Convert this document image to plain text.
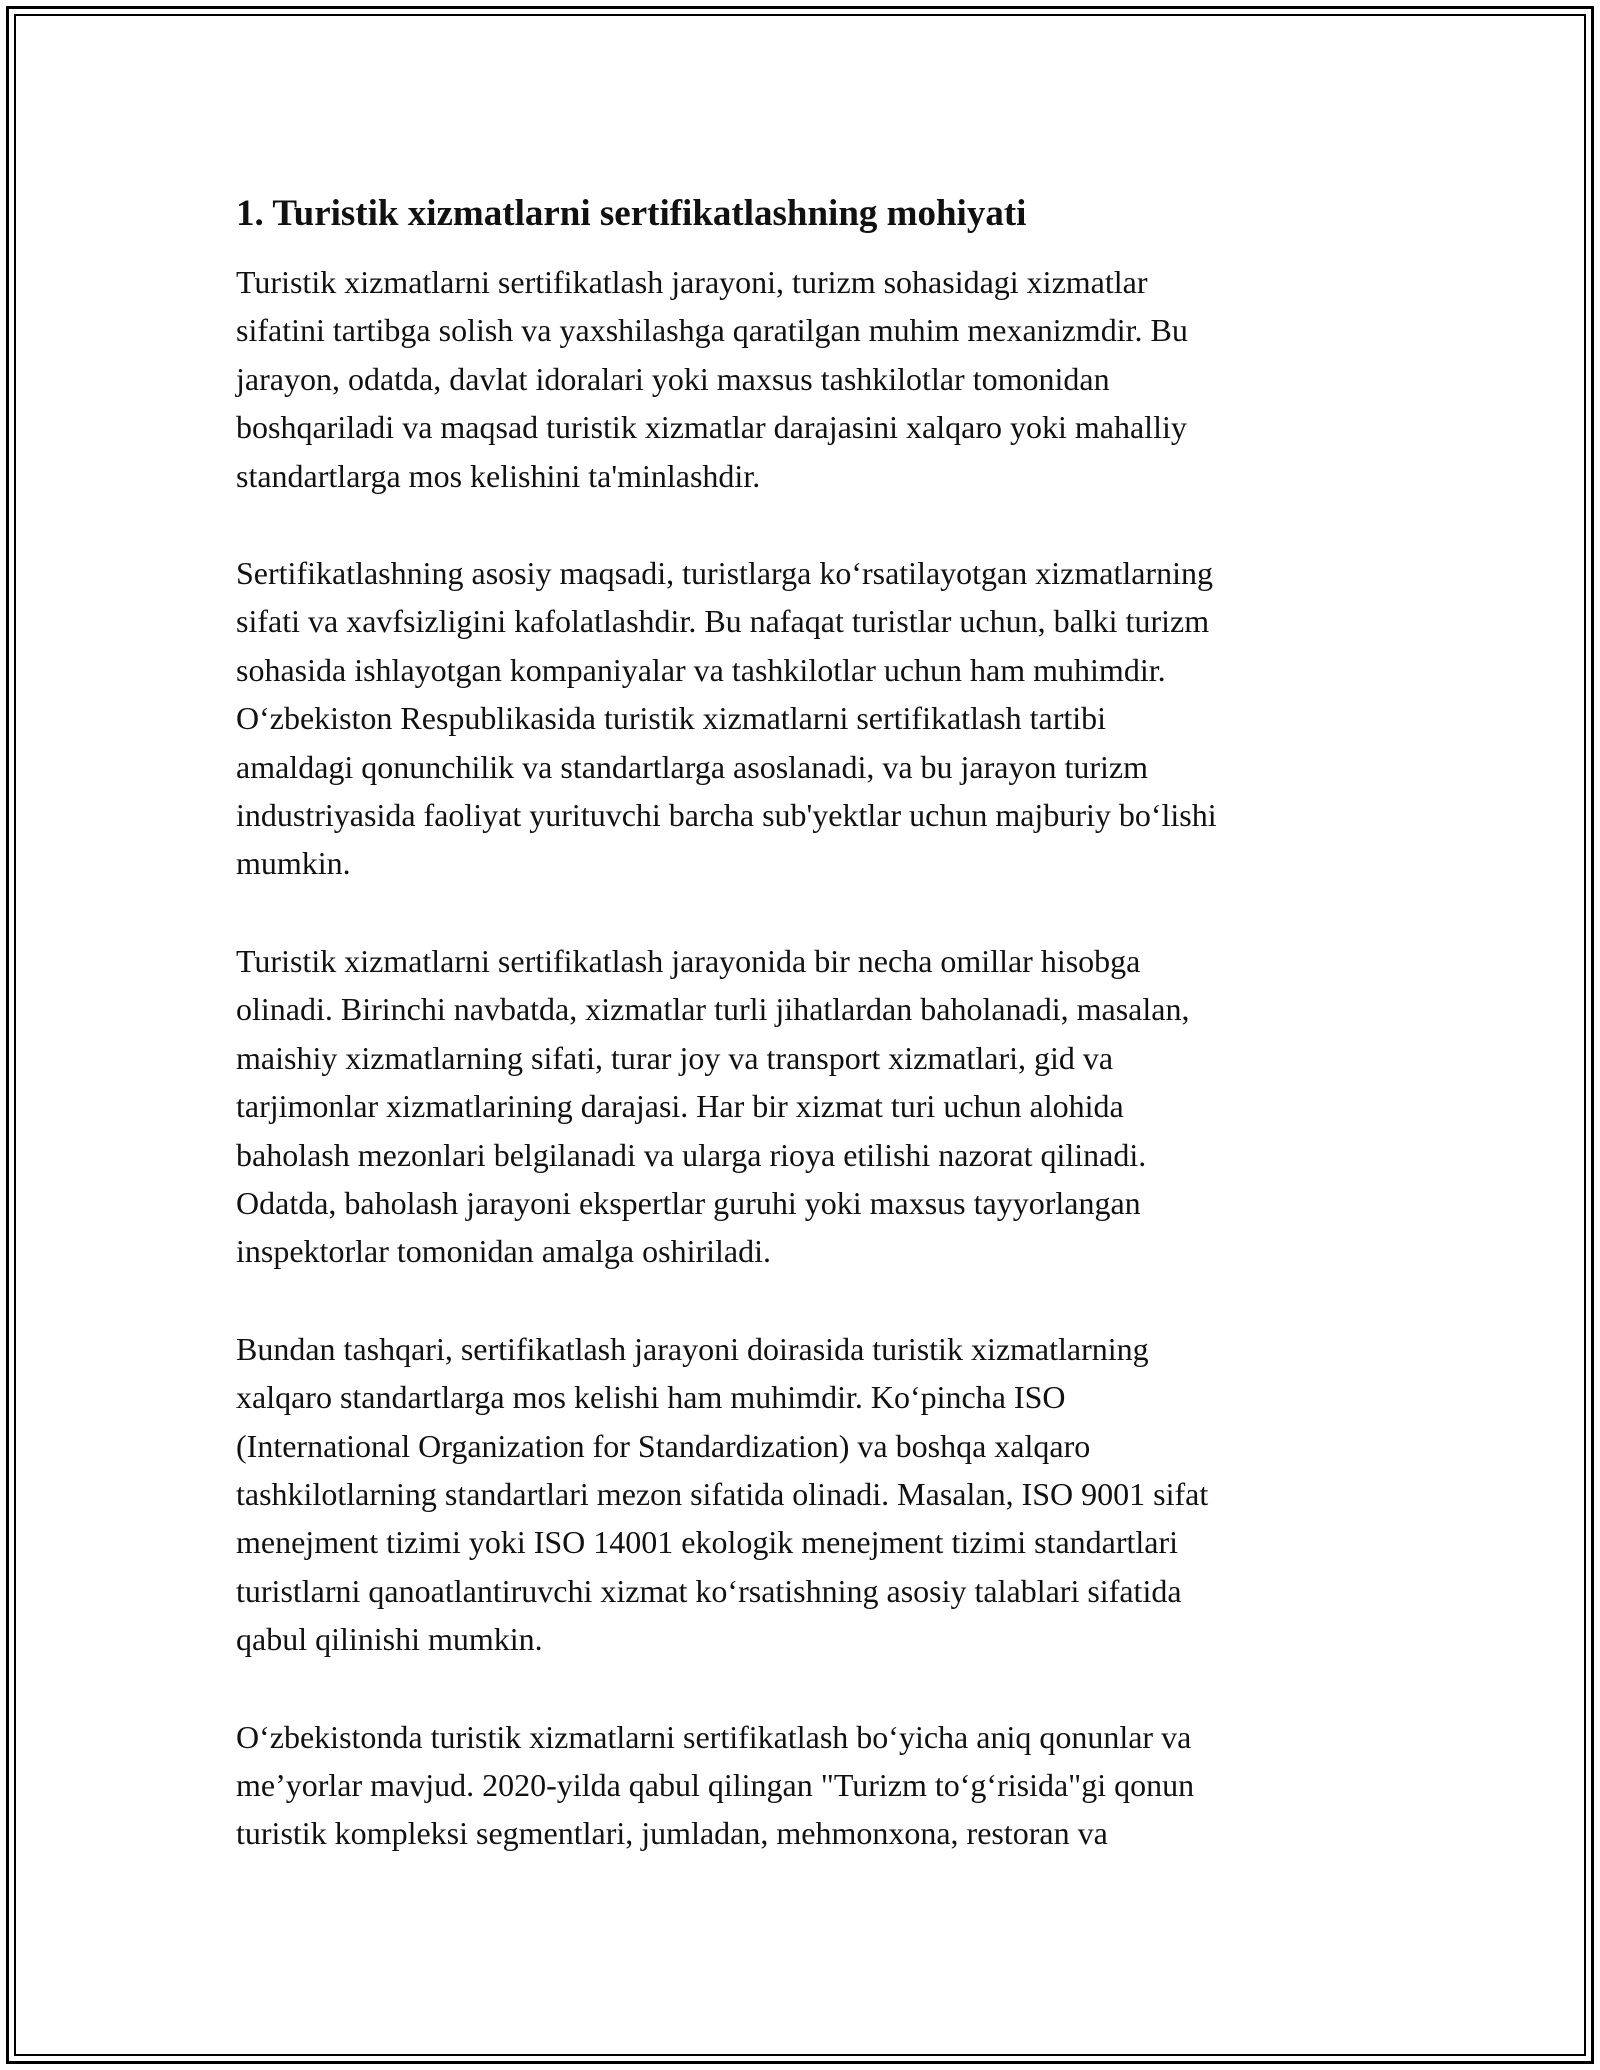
1. Turistik xizmatlarni sertifikatlashning mohiyati

Turistik xizmatlarni sertifikatlash jarayoni, turizm sohasidagi xizmatlar
sifatini tartibga solish va yaxshilashga qaratilgan muhim mexanizmdir. Bu
jarayon, odatda, davlat idoralari yoki maxsus tashkilotlar tomonidan
boshqariladi va maqsad turistik xizmatlar darajasini xalqaro yoki mahalliy
standartlarga mos kelishini ta'minlashdir.

Sertifikatlashning asosiy maqsadi, turistlarga koʻrsatilayotgan xizmatlarning
sifati va xavfsizligini kafolatlashdir. Bu nafaqat turistlar uchun, balki turizm
sohasida ishlayotgan kompaniyalar va tashkilotlar uchun ham muhimdir.
Oʻzbekiston Respublikasida turistik xizmatlarni sertifikatlash tartibi
amaldagi qonunchilik va standartlarga asoslanadi, va bu jarayon turizm
industriyasida faoliyat yurituvchi barcha sub'yektlar uchun majburiy boʻlishi
mumkin.

Turistik xizmatlarni sertifikatlash jarayonida bir necha omillar hisobga
olinadi. Birinchi navbatda, xizmatlar turli jihatlardan baholanadi, masalan,
maishiy xizmatlarning sifati, turar joy va transport xizmatlari, gid va
tarjimonlar xizmatlarining darajasi. Har bir xizmat turi uchun alohida
baholash mezonlari belgilanadi va ularga rioya etilishi nazorat qilinadi.
Odatda, baholash jarayoni ekspertlar guruhi yoki maxsus tayyorlangan
inspektorlar tomonidan amalga oshiriladi.

Bundan tashqari, sertifikatlash jarayoni doirasida turistik xizmatlarning
xalqaro standartlarga mos kelishi ham muhimdir. Koʻpincha ISO
(International Organization for Standardization) va boshqa xalqaro
tashkilotlarning standartlari mezon sifatida olinadi. Masalan, ISO 9001 sifat
menejment tizimi yoki ISO 14001 ekologik menejment tizimi standartlari
turistlarni qanoatlantiruvchi xizmat koʻrsatishning asosiy talablari sifatida
qabul qilinishi mumkin.

Oʻzbekistonda turistik xizmatlarni sertifikatlash boʻyicha aniq qonunlar va
me’yorlar mavjud. 2020-yilda qabul qilingan "Turizm toʻgʻrisida"gi qonun
turistik kompleksi segmentlari, jumladan, mehmonxona, restoran va
